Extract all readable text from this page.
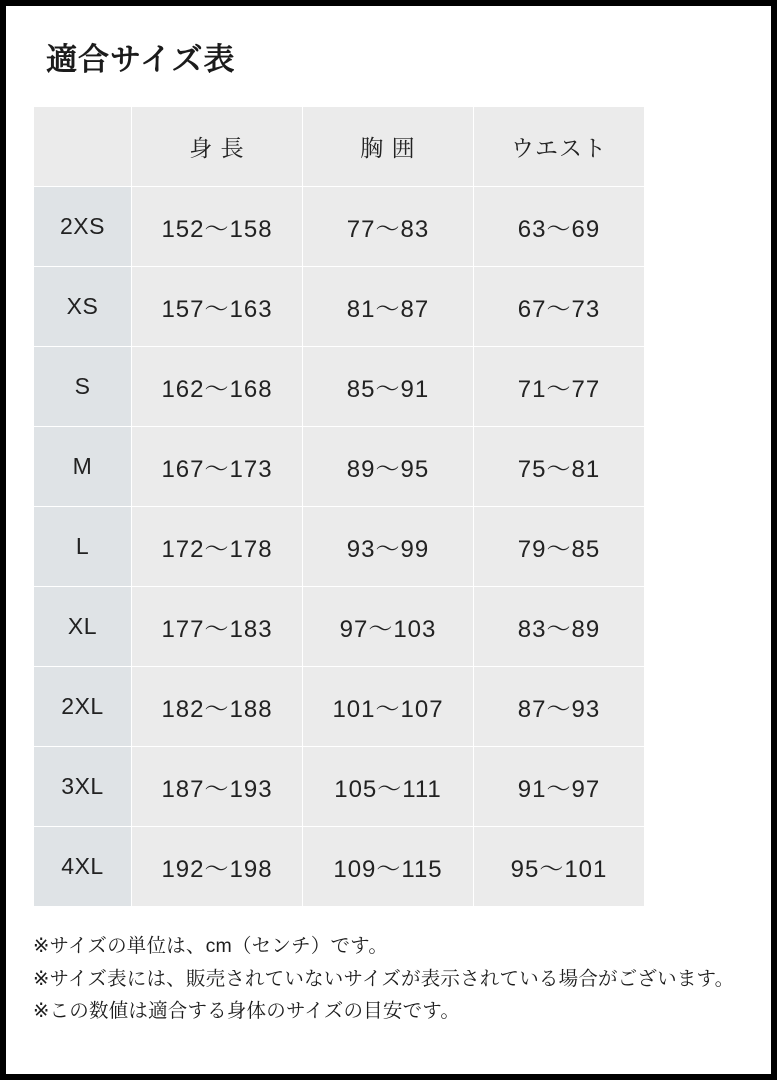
適合サイズ表
	身 長	胸 囲	ウエスト
2XS	152〜158	77〜83	63〜69
XS	157〜163	81〜87	67〜73
S	162〜168	85〜91	71〜77
M	167〜173	89〜95	75〜81
L	172〜178	93〜99	79〜85
XL	177〜183	97〜103	83〜89
2XL	182〜188	101〜107	87〜93
3XL	187〜193	105〜111	91〜97
4XL	192〜198	109〜115	95〜101

※サイズの単位は、cm（センチ）です。

※サイズ表には、販売されていないサイズが表示されている場合がございます。

※この数値は適合する身体のサイズの目安です。
